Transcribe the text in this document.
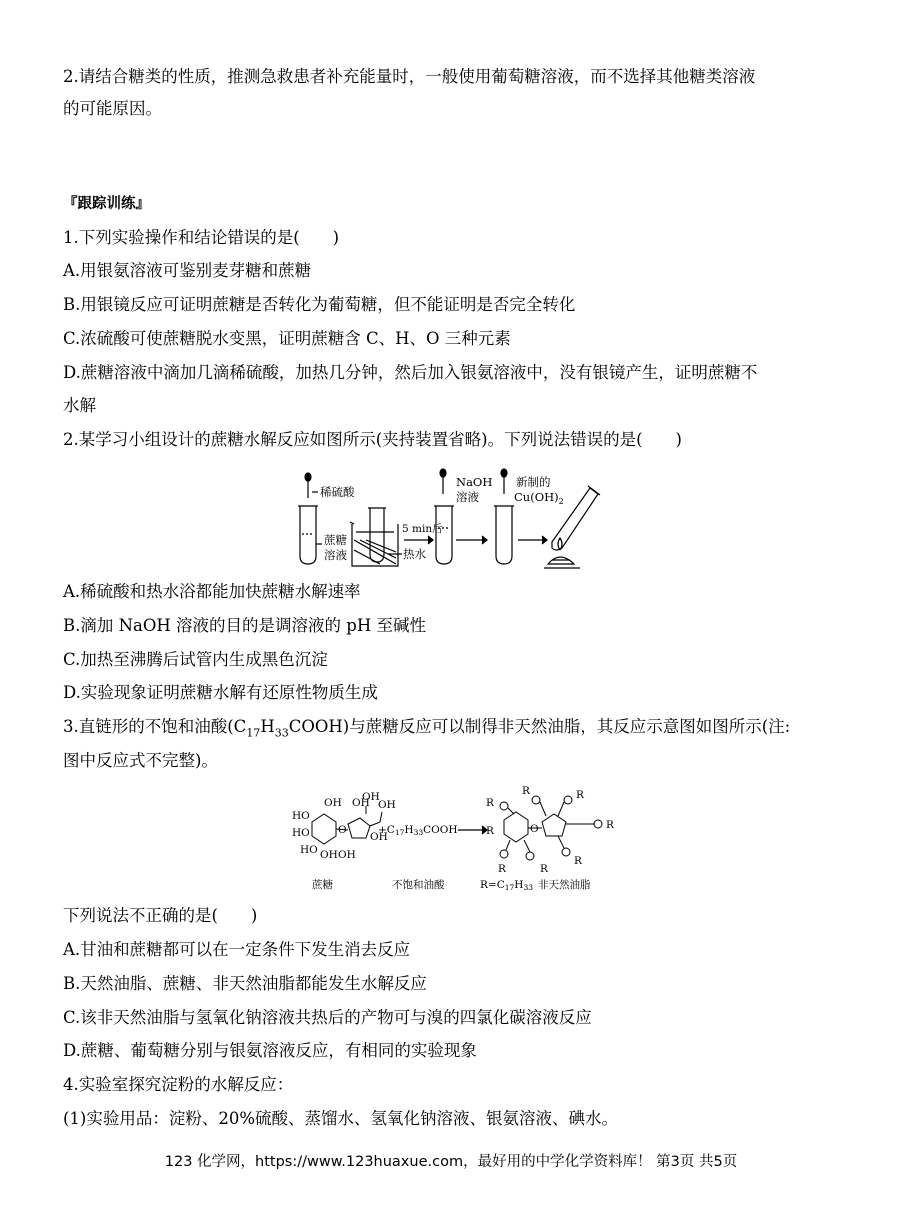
2.请结合糖类的性质，推测急救患者补充能量时，一般使用葡萄糖溶液，而不选择其他糖类溶液
的可能原因。
『跟踪训练』
1.下列实验操作和结论错误的是(　　)
A.用银氨溶液可鉴别麦芽糖和蔗糖
B.用银镜反应可证明蔗糖是否转化为葡萄糖，但不能证明是否完全转化
C.浓硫酸可使蔗糖脱水变黑，证明蔗糖含 C、H、O 三种元素
D.蔗糖溶液中滴加几滴稀硫酸，加热几分钟，然后加入银氨溶液中，没有银镜产生，证明蔗糖不
水解
2.某学习小组设计的蔗糖水解反应如图所示(夹持装置省略)。下列说法错误的是(　　)
稀硫酸
蔗糖
溶液	热水
5 min后
NaOH
溶液
新制的
$Cu(OH)_2$
A.稀硫酸和热水浴都能加快蔗糖水解速率
B.滴加 NaOH 溶液的目的是调溶液的 pH 至碱性
C.加热至沸腾后试管内生成黑色沉淀
D.实验现象证明蔗糖水解有还原性物质生成
3.直链形的不饱和油酸$(C_{17}H_{33}COOH)$与蔗糖反应可以制得非天然油脂，其反应示意图如图所示(注:
图中反应式不完整)。
HO
HO
HO OH OH
O
OH
OH
OH
OH
OH
+C17H33COOH
R
R	R
R
R
R	R
R
O
蔗糖	不饱和油酸	R=C17H33 非天然油脂
下列说法不正确的是(　　)
A.甘油和蔗糖都可以在一定条件下发生消去反应
B.天然油脂、蔗糖、非天然油脂都能发生水解反应
C.该非天然油脂与氢氧化钠溶液共热后的产物可与溴的四氯化碳溶液反应
D.蔗糖、葡萄糖分别与银氨溶液反应，有相同的实验现象
4.实验室探究淀粉的水解反应：
(1)实验用品：淀粉、20%硫酸、蒸馏水、氢氧化钠溶液、银氨溶液、碘水。
123 化学网，https://www.123huaxue.com，最好用的中学化学资料库！ 第3页 共5页
